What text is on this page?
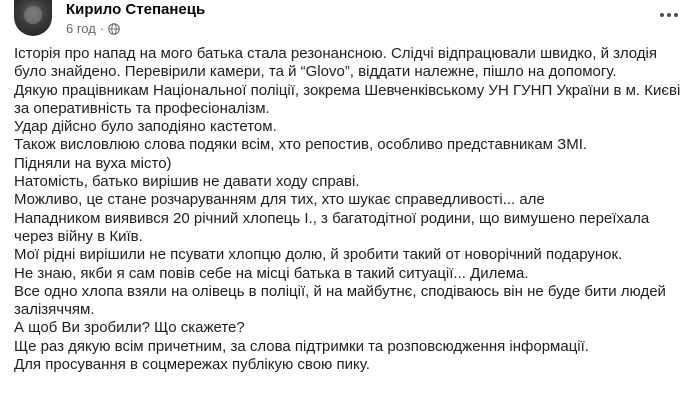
Кирило Степанець
6 год ·

Історія про напад на мого батька стала резонансною. Слідчі відпрацювали швидко, й злодія було знайдено. Перевірили камери, та й “Glovo”, віддати належне, пішло на допомогу.

Дякую працівникам Національної поліції, зокрема Шевченківському УН ГУНП України в м. Києві за оперативність та професіоналізм.

Удар дійсно було заподіяно кастетом.

Також висловлюю слова подяки всім, хто репостив, особливо представникам ЗМІ.

Підняли на вуха місто)

Натомість, батько вирішив не давати ходу справі.

Можливо, це стане розчаруванням для тих, хто шукає справедливості... але

Нападником виявився 20 річний хлопець І., з багатодітної родини, що вимушено переїхала через війну в Київ.

Мої рідні вирішили не псувати хлопцю долю, й зробити такий от новорічний подарунок.

Не знаю, якби я сам повів себе на місці батька в такий ситуації... Дилема.

Все одно хлопа взяли на олівець в поліції, й на майбутнє, сподіваюсь він не буде бити людей залізяччям.

А щоб Ви зробили? Що скажете?

Ще раз дякую всім причетним, за слова підтримки та розповсюдження інформації.

Для просування в соцмережах публікую свою пику.
